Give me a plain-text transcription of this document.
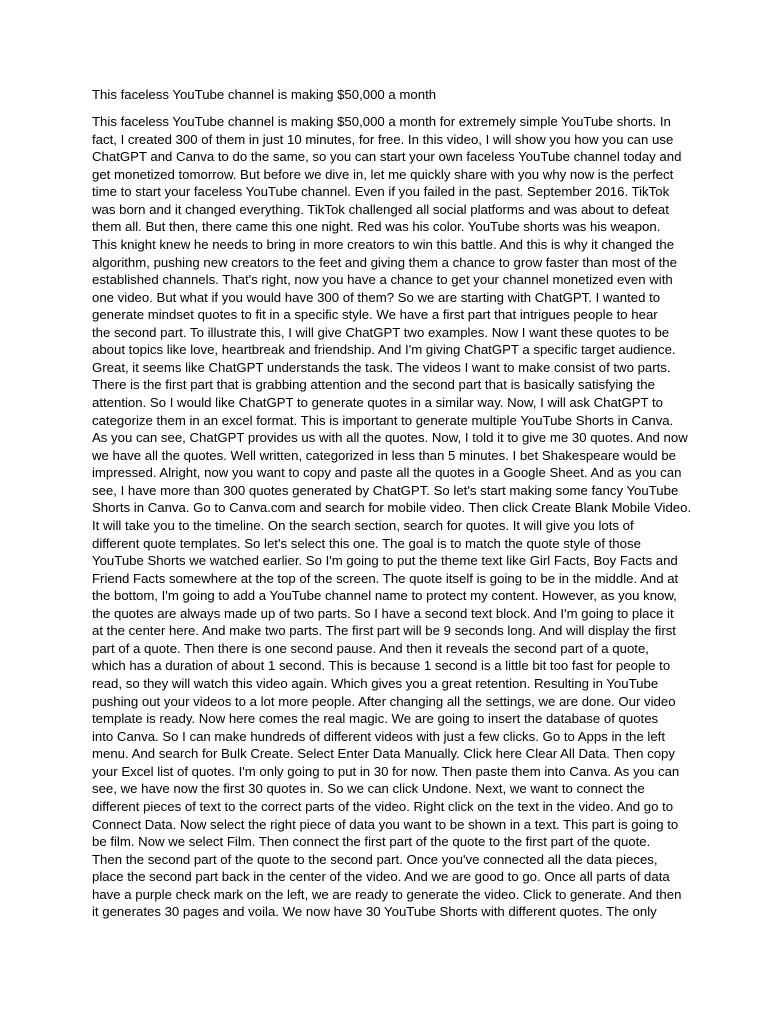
This faceless YouTube channel is making $50,000 a month
This faceless YouTube channel is making $50,000 a month for extremely simple YouTube shorts. In
fact, I created 300 of them in just 10 minutes, for free. In this video, I will show you how you can use
ChatGPT and Canva to do the same, so you can start your own faceless YouTube channel today and
get monetized tomorrow. But before we dive in, let me quickly share with you why now is the perfect
time to start your faceless YouTube channel. Even if you failed in the past. September 2016. TikTok
was born and it changed everything. TikTok challenged all social platforms and was about to defeat
them all. But then, there came this one night. Red was his color. YouTube shorts was his weapon.
This knight knew he needs to bring in more creators to win this battle. And this is why it changed the
algorithm, pushing new creators to the feet and giving them a chance to grow faster than most of the
established channels. That's right, now you have a chance to get your channel monetized even with
one video. But what if you would have 300 of them? So we are starting with ChatGPT. I wanted to
generate mindset quotes to fit in a specific style. We have a first part that intrigues people to hear
the second part. To illustrate this, I will give ChatGPT two examples. Now I want these quotes to be
about topics like love, heartbreak and friendship. And I'm giving ChatGPT a specific target audience.
Great, it seems like ChatGPT understands the task. The videos I want to make consist of two parts.
There is the first part that is grabbing attention and the second part that is basically satisfying the
attention. So I would like ChatGPT to generate quotes in a similar way. Now, I will ask ChatGPT to
categorize them in an excel format. This is important to generate multiple YouTube Shorts in Canva.
As you can see, ChatGPT provides us with all the quotes. Now, I told it to give me 30 quotes. And now
we have all the quotes. Well written, categorized in less than 5 minutes. I bet Shakespeare would be
impressed. Alright, now you want to copy and paste all the quotes in a Google Sheet. And as you can
see, I have more than 300 quotes generated by ChatGPT. So let's start making some fancy YouTube
Shorts in Canva. Go to Canva.com and search for mobile video. Then click Create Blank Mobile Video.
It will take you to the timeline. On the search section, search for quotes. It will give you lots of
different quote templates. So let's select this one. The goal is to match the quote style of those
YouTube Shorts we watched earlier. So I'm going to put the theme text like Girl Facts, Boy Facts and
Friend Facts somewhere at the top of the screen. The quote itself is going to be in the middle. And at
the bottom, I'm going to add a YouTube channel name to protect my content. However, as you know,
the quotes are always made up of two parts. So I have a second text block. And I'm going to place it
at the center here. And make two parts. The first part will be 9 seconds long. And will display the first
part of a quote. Then there is one second pause. And then it reveals the second part of a quote,
which has a duration of about 1 second. This is because 1 second is a little bit too fast for people to
read, so they will watch this video again. Which gives you a great retention. Resulting in YouTube
pushing out your videos to a lot more people. After changing all the settings, we are done. Our video
template is ready. Now here comes the real magic. We are going to insert the database of quotes
into Canva. So I can make hundreds of different videos with just a few clicks. Go to Apps in the left
menu. And search for Bulk Create. Select Enter Data Manually. Click here Clear All Data. Then copy
your Excel list of quotes. I'm only going to put in 30 for now. Then paste them into Canva. As you can
see, we have now the first 30 quotes in. So we can click Undone. Next, we want to connect the
different pieces of text to the correct parts of the video. Right click on the text in the video. And go to
Connect Data. Now select the right piece of data you want to be shown in a text. This part is going to
be film. Now we select Film. Then connect the first part of the quote to the first part of the quote.
Then the second part of the quote to the second part. Once you've connected all the data pieces,
place the second part back in the center of the video. And we are good to go. Once all parts of data
have a purple check mark on the left, we are ready to generate the video. Click to generate. And then
it generates 30 pages and voila. We now have 30 YouTube Shorts with different quotes. The only
